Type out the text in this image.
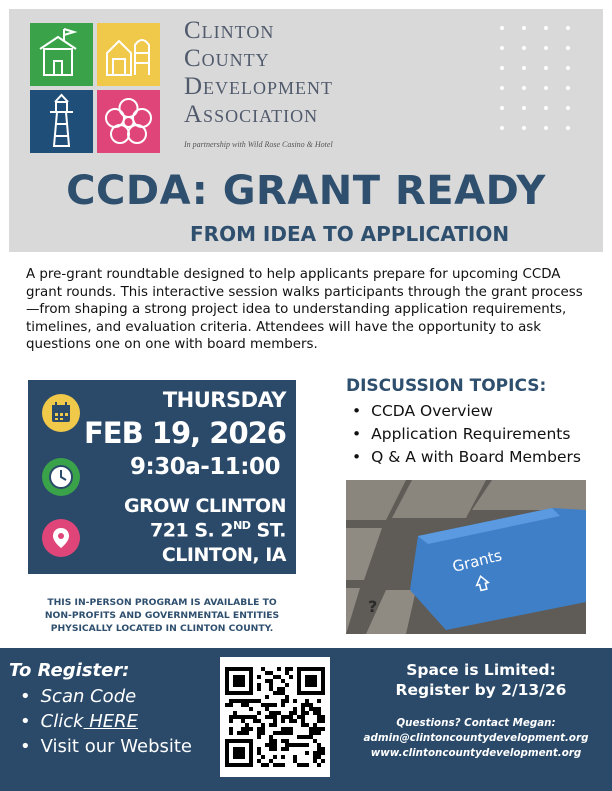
Clinton
County
Development
Association
In partnership with Wild Rose Casino & Hotel
CCDA: GRANT READY
FROM IDEA TO APPLICATION
A pre-grant roundtable designed to help applicants prepare for upcoming CCDA grant rounds. This interactive session walks participants through the grant process—from shaping a strong project idea to understanding application requirements, timelines, and evaluation criteria. Attendees will have the opportunity to ask questions one on one with board members.
THURSDAY
FEB 19, 2026
9:30a-11:00
GROW CLINTON
721 S. 2ND ST.
CLINTON, IA
THIS IN-PERSON PROGRAM IS AVAILABLE TO
NON-PROFITS AND GOVERNMENTAL ENTITIES
PHYSICALLY LOCATED IN CLINTON COUNTY.
DISCUSSION TOPICS:
• CCDA Overview
• Application Requirements
• Q & A with Board Members
?
Grants
To Register:
• Scan Code
• Click HERE
• Visit our Website
Space is Limited:
Register by 2/13/26
Questions? Contact Megan:
admin@clintoncountydevelopment.org
www.clintoncountydevelopment.org
